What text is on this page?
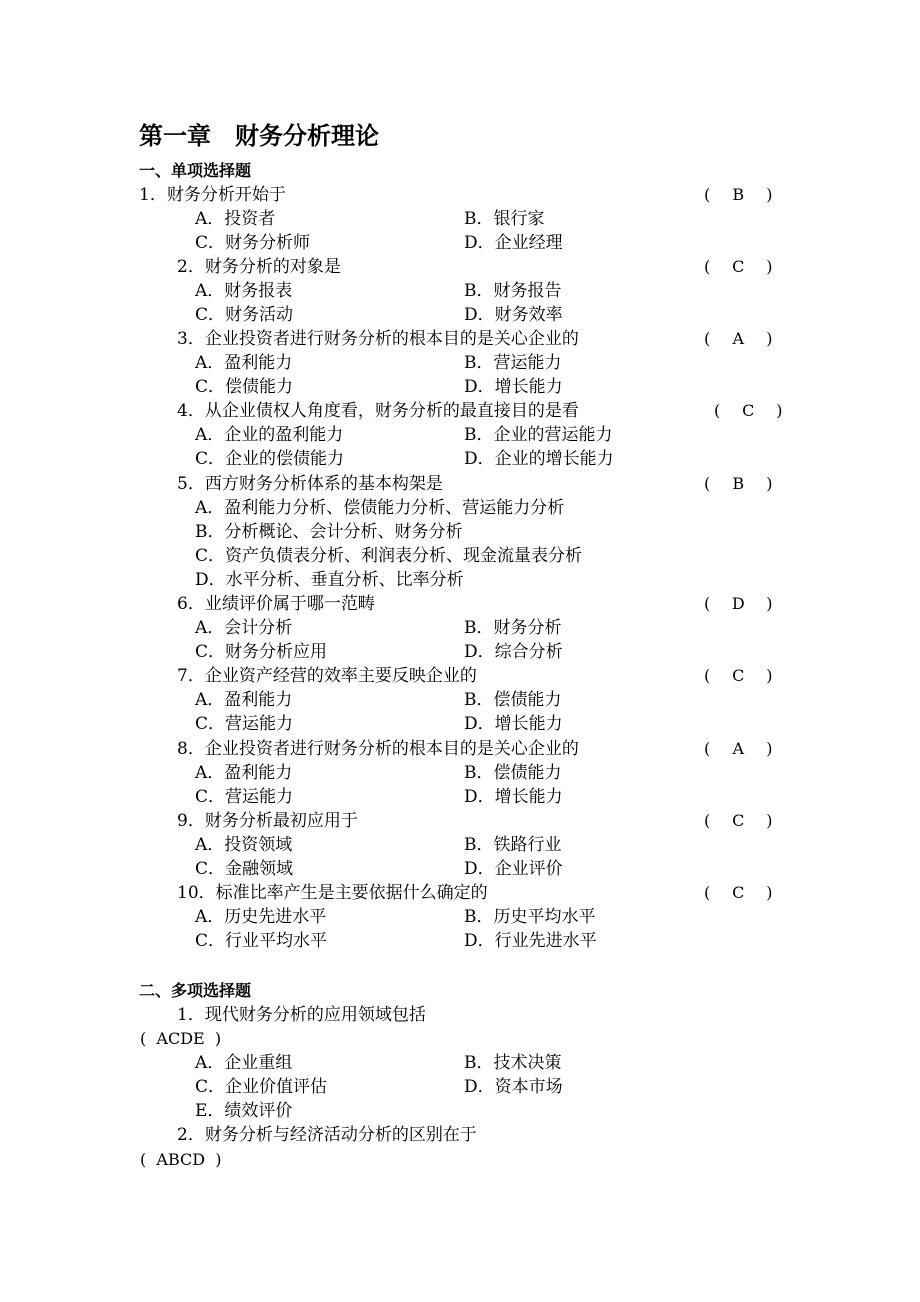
第一章　财务分析理论
一、单项选择题
1．财务分析开始于	( B )
A．投资者	B．银行家
C．财务分析师	D．企业经理
2．财务分析的对象是	( C )
A．财务报表	B．财务报告
C．财务活动	D．财务效率
3．企业投资者进行财务分析的根本目的是关心企业的	( A )
A．盈利能力	B．营运能力
C．偿债能力	D．增长能力
4．从企业债权人角度看，财务分析的最直接目的是看	( C )
A．企业的盈利能力	B．企业的营运能力
C．企业的偿债能力	D．企业的增长能力
5．西方财务分析体系的基本构架是	( B )
A．盈利能力分析、偿债能力分析、营运能力分析
B．分析概论、会计分析、财务分析
C．资产负债表分析、利润表分析、现金流量表分析
D．水平分析、垂直分析、比率分析
6．业绩评价属于哪一范畴	( D )
A．会计分析	B．财务分析
C．财务分析应用	D．综合分析
7．企业资产经营的效率主要反映企业的	( C )
A．盈利能力	B．偿债能力
C．营运能力	D．增长能力
8．企业投资者进行财务分析的根本目的是关心企业的	( A )
A．盈利能力	B．偿债能力
C．营运能力	D．增长能力
9．财务分析最初应用于	( C )
A．投资领域	B．铁路行业
C．金融领域	D．企业评价
10．标准比率产生是主要依据什么确定的	( C )
A．历史先进水平	B．历史平均水平
C．行业平均水平	D．行业先进水平
二、多项选择题
1．现代财务分析的应用领域包括
(  ACDE  )
A．企业重组	B．技术决策
C．企业价值评估	D．资本市场
E．绩效评价
2．财务分析与经济活动分析的区别在于
(  ABCD  )
